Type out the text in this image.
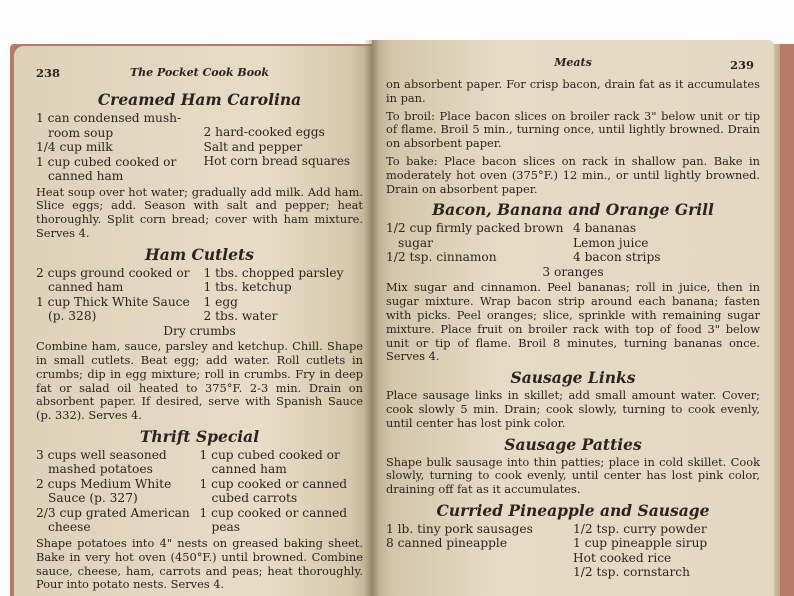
238	The Pocket Cook Book
Creamed Ham Carolina
1 can condensed mush-room soup
1/4 cup milk
1 cup cubed cooked or canned ham
2 hard-cooked eggs
Salt and pepper
Hot corn bread squares

Heat soup over hot water; gradually add milk. Add ham. Slice eggs; add. Season with salt and pepper; heat thoroughly. Split corn bread; cover with ham mixture. Serves 4.

Ham Cutlets
2 cups ground cooked or canned ham
1 cup Thick White Sauce (p. 328)
1 tbs. chopped parsley
1 tbs. ketchup
1 egg
2 tbs. water
Dry crumbs

Combine ham, sauce, parsley and ketchup. Chill. Shape in small cutlets. Beat egg; add water. Roll cutlets in crumbs; dip in egg mixture; roll in crumbs. Fry in deep fat or salad oil heated to 375°F. 2-3 min. Drain on absorbent paper. If desired, serve with Spanish Sauce (p. 332). Serves 4.

Thrift Special
3 cups well seasoned mashed potatoes
2 cups Medium White Sauce (p. 327)
2/3 cup grated American cheese
1 cup cubed cooked or canned ham
1 cup cooked or canned cubed carrots
1 cup cooked or canned peas

Shape potatoes into 4" nests on greased baking sheet. Bake in very hot oven (450°F.) until browned. Combine sauce, cheese, ham, carrots and peas; heat thoroughly. Pour into potato nests. Serves 4.

Meats	239

on absorbent paper. For crisp bacon, drain fat as it accumulates in pan.

To broil: Place bacon slices on broiler rack 3" below unit or tip of flame. Broil 5 min., turning once, until lightly browned. Drain on absorbent paper.

To bake: Place bacon slices on rack in shallow pan. Bake in moderately hot oven (375°F.) 12 min., or until lightly browned. Drain on absorbent paper.

Bacon, Banana and Orange Grill
1/2 cup firmly packed brown sugar
1/2 tsp. cinnamon
4 bananas
Lemon juice
4 bacon strips
3 oranges

Mix sugar and cinnamon. Peel bananas; roll in juice, then in sugar mixture. Wrap bacon strip around each banana; fasten with picks. Peel oranges; slice, sprinkle with remaining sugar mixture. Place fruit on broiler rack with top of food 3" below unit or tip of flame. Broil 8 minutes, turning bananas once. Serves 4.

Sausage Links

Place sausage links in skillet; add small amount water. Cover; cook slowly 5 min. Drain; cook slowly, turning to cook evenly, until center has lost pink color.

Sausage Patties

Shape bulk sausage into thin patties; place in cold skillet. Cook slowly, turning to cook evenly, until center has lost pink color, draining off fat as it accumulates.

Curried Pineapple and Sausage
1 lb. tiny pork sausages
8 canned pineapple
1/2 tsp. curry powder
1 cup pineapple sirup
Hot cooked rice
1/2 tsp. cornstarch
